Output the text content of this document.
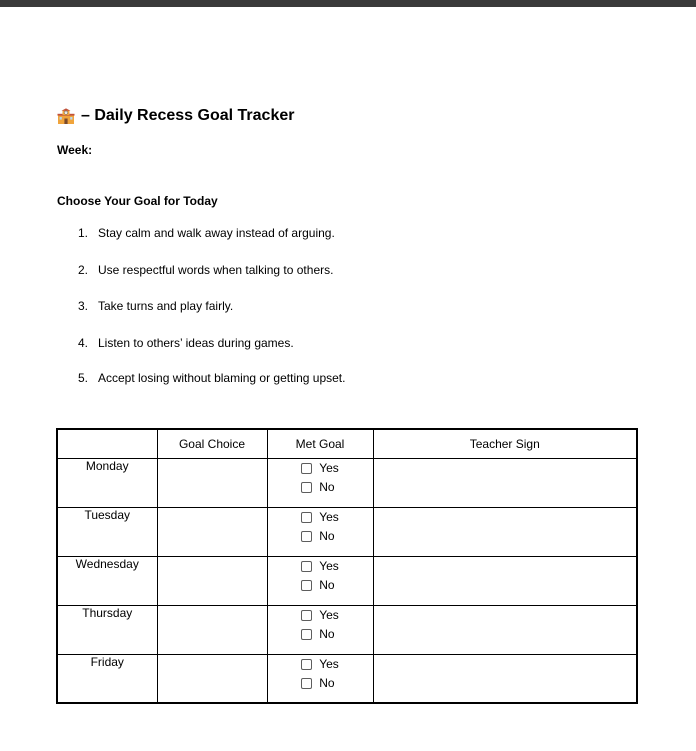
– Daily Recess Goal Tracker
Week:
Choose Your Goal for Today
1. Stay calm and walk away instead of arguing.
2. Use respectful words when talking to others.
3. Take turns and play fairly.
4. Listen to others’ ideas during games.
5. Accept losing without blaming or getting upset.
	Goal Choice	Met Goal	Teacher Sign
Monday		Yes
No	

Tuesday		Yes
No	

Wednesday		Yes
No	

Thursday		Yes
No	

Friday		Yes
No	
